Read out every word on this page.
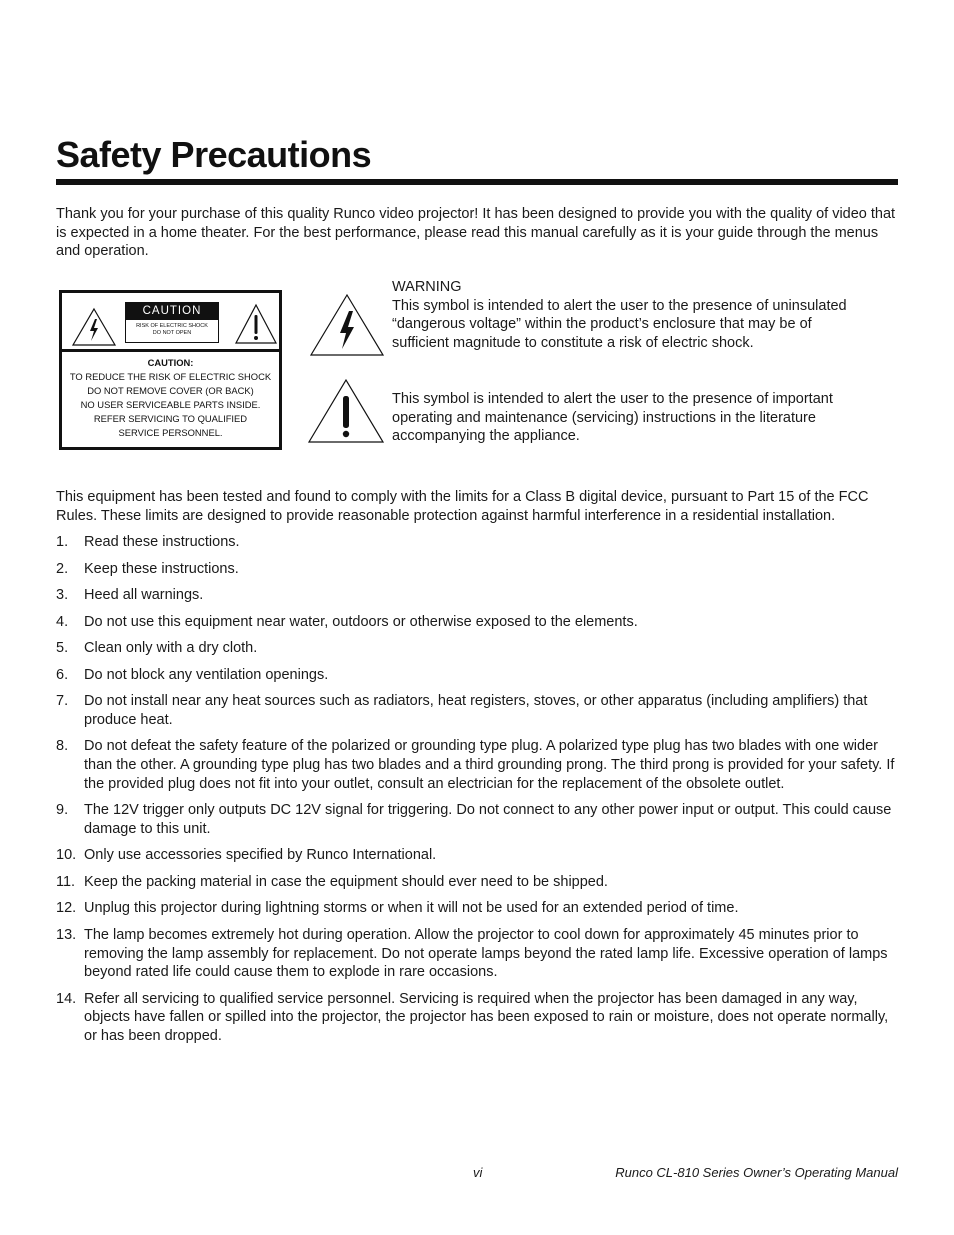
Safety Precautions

Thank you for your purchase of this quality Runco video projector! It has been designed to provide you with the quality of video that is expected in a home theater. For the best performance, please read this manual carefully as it is your guide through the menus and operation.

CAUTION
RISK OF ELECTRIC SHOCK
DO NOT OPEN
CAUTION:
TO REDUCE THE RISK OF ELECTRIC SHOCK
DO NOT REMOVE COVER (OR BACK)
NO USER SERVICEABLE PARTS INSIDE.
REFER SERVICING TO QUALIFIED
SERVICE PERSONNEL.

WARNING

This symbol is intended to alert the user to the presence of uninsulated “dangerous voltage” within the product’s enclosure that may be of sufficient magnitude to constitute a risk of electric shock.

This symbol is intended to alert the user to the presence of important operating and maintenance (servicing) instructions in the literature accompanying the appliance.

This equipment has been tested and found to comply with the limits for a Class B digital device, pursuant to Part 15 of the FCC Rules. These limits are designed to provide reasonable protection against harmful interference in a residential installation.

1. Read these instructions.
2. Keep these instructions.
3. Heed all warnings.
4. Do not use this equipment near water, outdoors or otherwise exposed to the elements.
5. Clean only with a dry cloth.
6. Do not block any ventilation openings.
7. Do not install near any heat sources such as radiators, heat registers, stoves, or other apparatus (including amplifiers) that produce heat.
8. Do not defeat the safety feature of the polarized or grounding type plug. A polarized type plug has two blades with one wider than the other. A grounding type plug has two blades and a third grounding prong. The third prong is provided for your safety. If the provided plug does not fit into your outlet, consult an electrician for the replacement of the obsolete outlet.
9. The 12V trigger only outputs DC 12V signal for triggering. Do not connect to any other power input or output. This could cause damage to this unit.
10. Only use accessories specified by Runco International.
11. Keep the packing material in case the equipment should ever need to be shipped.
12. Unplug this projector during lightning storms or when it will not be used for an extended period of time.
13. The lamp becomes extremely hot during operation. Allow the projector to cool down for approximately 45 minutes prior to removing the lamp assembly for replacement. Do not operate lamps beyond the rated lamp life. Excessive operation of lamps beyond rated life could cause them to explode in rare occasions.
14. Refer all servicing to qualified service personnel. Servicing is required when the projector has been damaged in any way, objects have fallen or spilled into the projector, the projector has been exposed to rain or moisture, does not operate normally, or has been dropped.
vi	Runco CL-810 Series Owner’s Operating Manual
